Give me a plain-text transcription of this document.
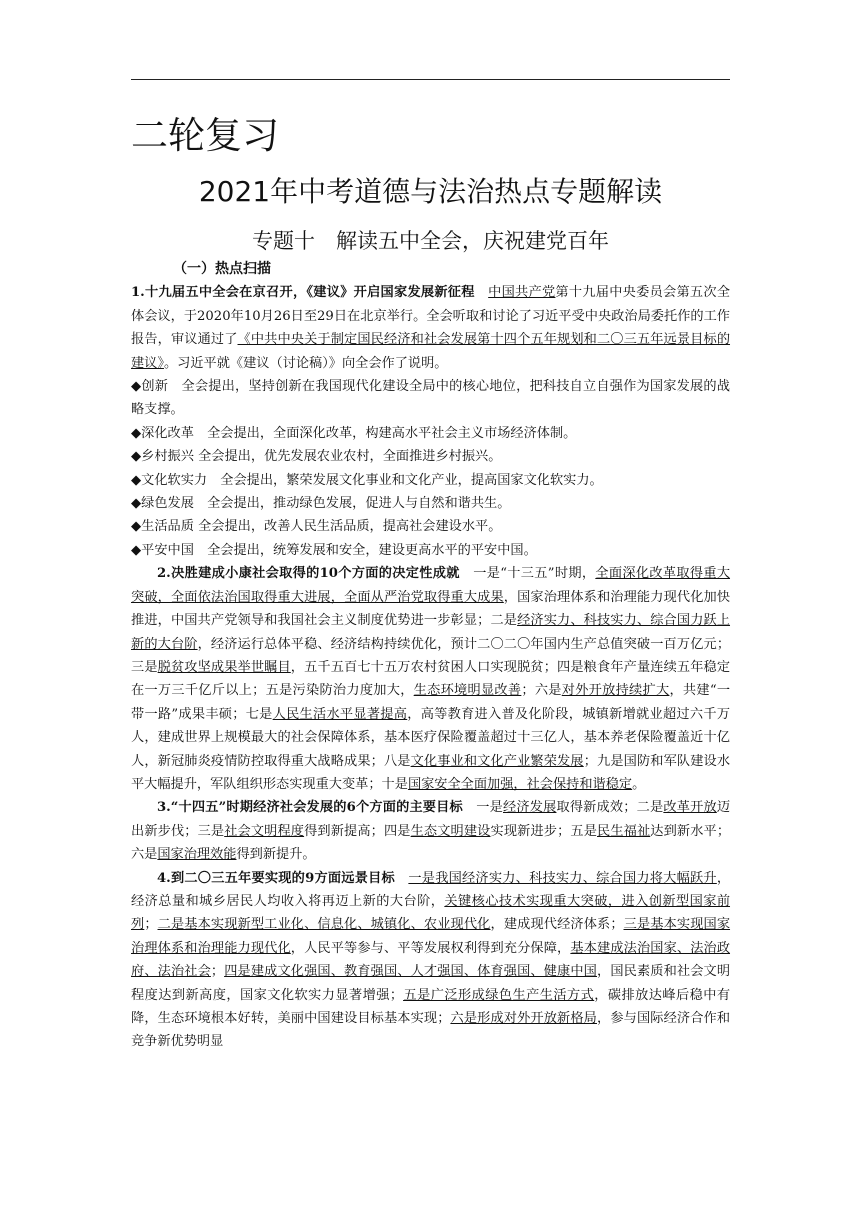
二轮复习
2021年中考道德与法治热点专题解读
专题十　解读五中全会，庆祝建党百年
（一）热点扫描

1.十九届五中全会在京召开，《建议》开启国家发展新征程　 中国共产党第十九届中央委员会第五次全体会议，于2020年10月26日至29日在北京举行。全会听取和讨论了习近平受中央政治局委托作的工作报告，审议通过了《中共中央关于制定国民经济和社会发展第十四个五年规划和二〇三五年远景目标的建议》。习近平就《建议（讨论稿）》向全会作了说明。

◆创新　全会提出，坚持创新在我国现代化建设全局中的核心地位，把科技自立自强作为国家发展的战略支撑。

◆深化改革　全会提出，全面深化改革，构建高水平社会主义市场经济体制。

◆乡村振兴 全会提出，优先发展农业农村，全面推进乡村振兴。

◆文化软实力　全会提出，繁荣发展文化事业和文化产业，提高国家文化软实力。

◆绿色发展　全会提出，推动绿色发展，促进人与自然和谐共生。

◆生活品质 全会提出，改善人民生活品质，提高社会建设水平。

◆平安中国　全会提出，统筹发展和安全，建设更高水平的平安中国。

2.决胜建成小康社会取得的10个方面的决定性成就　一是“十三五”时期，全面深化改革取得重大突破，全面依法治国取得重大进展，全面从严治党取得重大成果，国家治理体系和治理能力现代化加快推进，中国共产党领导和我国社会主义制度优势进一步彰显；二是经济实力、科技实力、综合国力跃上新的大台阶，经济运行总体平稳、经济结构持续优化，预计二〇二〇年国内生产总值突破一百万亿元；三是脱贫攻坚成果举世瞩目，五千五百七十五万农村贫困人口实现脱贫；四是粮食年产量连续五年稳定在一万三千亿斤以上；五是污染防治力度加大，生态环境明显改善；六是对外开放持续扩大，共建“一带一路”成果丰硕；七是人民生活水平显著提高，高等教育进入普及化阶段，城镇新增就业超过六千万人，建成世界上规模最大的社会保障体系，基本医疗保险覆盖超过十三亿人，基本养老保险覆盖近十亿人，新冠肺炎疫情防控取得重大战略成果；八是文化事业和文化产业繁荣发展；九是国防和军队建设水平大幅提升，军队组织形态实现重大变革；十是国家安全全面加强，社会保持和谐稳定。

3.“十四五”时期经济社会发展的6个方面的主要目标　一是经济发展取得新成效；二是改革开放迈出新步伐；三是社会文明程度得到新提高；四是生态文明建设实现新进步；五是民生福祉达到新水平；六是国家治理效能得到新提升。

4.到二〇三五年要实现的9方面远景目标　 一是我国经济实力、科技实力、综合国力将大幅跃升，经济总量和城乡居民人均收入将再迈上新的大台阶，关键核心技术实现重大突破，进入创新型国家前列；二是基本实现新型工业化、信息化、城镇化、农业现代化，建成现代经济体系；三是基本实现国家治理体系和治理能力现代化，人民平等参与、平等发展权利得到充分保障，基本建成法治国家、法治政府、法治社会；四是建成文化强国、教育强国、人才强国、体育强国、健康中国，国民素质和社会文明程度达到新高度，国家文化软实力显著增强；五是广泛形成绿色生产生活方式，碳排放达峰后稳中有降，生态环境根本好转，美丽中国建设目标基本实现；六是形成对外开放新格局，参与国际经济合作和竞争新优势明显
